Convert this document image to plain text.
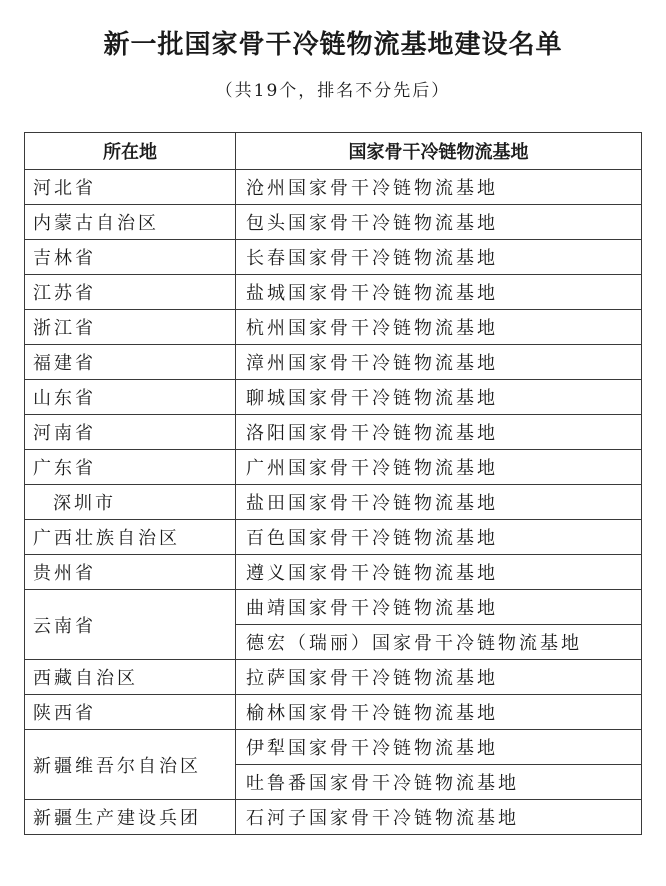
新一批国家骨干冷链物流基地建设名单
（共19个，排名不分先后）
所在地	国家骨干冷链物流基地
河北省	沧州国家骨干冷链物流基地
内蒙古自治区	包头国家骨干冷链物流基地
吉林省	长春国家骨干冷链物流基地
江苏省	盐城国家骨干冷链物流基地
浙江省	杭州国家骨干冷链物流基地
福建省	漳州国家骨干冷链物流基地
山东省	聊城国家骨干冷链物流基地
河南省	洛阳国家骨干冷链物流基地
广东省	广州国家骨干冷链物流基地
深圳市	盐田国家骨干冷链物流基地
广西壮族自治区	百色国家骨干冷链物流基地
贵州省	遵义国家骨干冷链物流基地
云南省	曲靖国家骨干冷链物流基地
	德宏（瑞丽）国家骨干冷链物流基地
西藏自治区	拉萨国家骨干冷链物流基地
陕西省	榆林国家骨干冷链物流基地
新疆维吾尔自治区	伊犁国家骨干冷链物流基地
	吐鲁番国家骨干冷链物流基地
新疆生产建设兵团	石河子国家骨干冷链物流基地
